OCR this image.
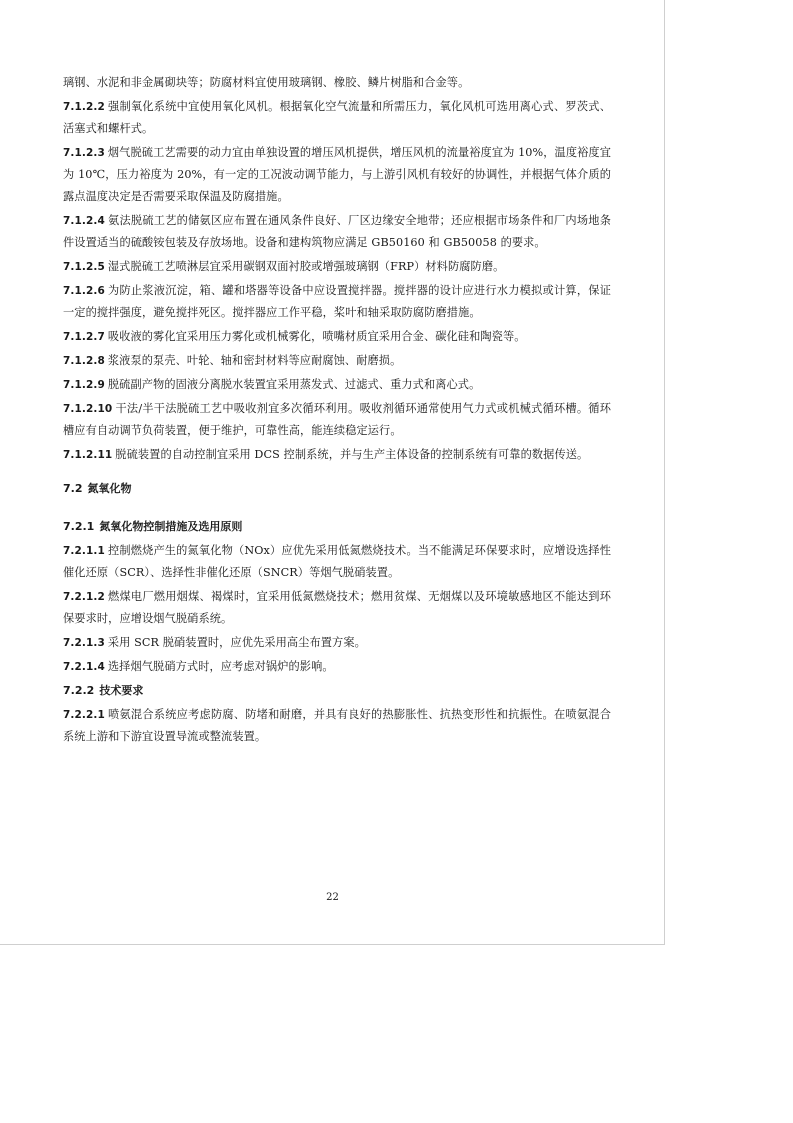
璃钢、水泥和非金属砌块等；防腐材料宜使用玻璃钢、橡胶、鳞片树脂和合金等。

7.1.2.2 强制氧化系统中宜使用氧化风机。根据氧化空气流量和所需压力，氧化风机可选用离心式、罗茨式、活塞式和螺杆式。

7.1.2.3 烟气脱硫工艺需要的动力宜由单独设置的增压风机提供，增压风机的流量裕度宜为 10%，温度裕度宜为 10℃，压力裕度为 20%，有一定的工况波动调节能力，与上游引风机有较好的协调性，并根据气体介质的露点温度决定是否需要采取保温及防腐措施。

7.1.2.4 氨法脱硫工艺的储氨区应布置在通风条件良好、厂区边缘安全地带；还应根据市场条件和厂内场地条件设置适当的硫酸铵包装及存放场地。设备和建构筑物应满足 GB50160 和 GB50058 的要求。

7.1.2.5 湿式脱硫工艺喷淋层宜采用碳钢双面衬胶或增强玻璃钢（FRP）材料防腐防磨。

7.1.2.6 为防止浆液沉淀，箱、罐和塔器等设备中应设置搅拌器。搅拌器的设计应进行水力模拟或计算，保证一定的搅拌强度，避免搅拌死区。搅拌器应工作平稳，桨叶和轴采取防腐防磨措施。

7.1.2.7 吸收液的雾化宜采用压力雾化或机械雾化，喷嘴材质宜采用合金、碳化硅和陶瓷等。

7.1.2.8 浆液泵的泵壳、叶轮、轴和密封材料等应耐腐蚀、耐磨损。

7.1.2.9 脱硫副产物的固液分离脱水装置宜采用蒸发式、过滤式、重力式和离心式。

7.1.2.10 干法/半干法脱硫工艺中吸收剂宜多次循环利用。吸收剂循环通常使用气力式或机械式循环槽。循环槽应有自动调节负荷装置，便于维护，可靠性高，能连续稳定运行。

7.1.2.11 脱硫装置的自动控制宜采用 DCS 控制系统，并与生产主体设备的控制系统有可靠的数据传送。

7.2 氮氧化物
7.2.1 氮氧化物控制措施及选用原则

7.2.1.1 控制燃烧产生的氮氧化物（NOx）应优先采用低氮燃烧技术。当不能满足环保要求时，应增设选择性催化还原（SCR）、选择性非催化还原（SNCR）等烟气脱硝装置。

7.2.1.2 燃煤电厂燃用烟煤、褐煤时，宜采用低氮燃烧技术；燃用贫煤、无烟煤以及环境敏感地区不能达到环保要求时，应增设烟气脱硝系统。

7.2.1.3 采用 SCR 脱硝装置时，应优先采用高尘布置方案。

7.2.1.4 选择烟气脱硝方式时，应考虑对锅炉的影响。

7.2.2 技术要求

7.2.2.1 喷氨混合系统应考虑防腐、防堵和耐磨，并具有良好的热膨胀性、抗热变形性和抗振性。在喷氨混合系统上游和下游宜设置导流或整流装置。

22
